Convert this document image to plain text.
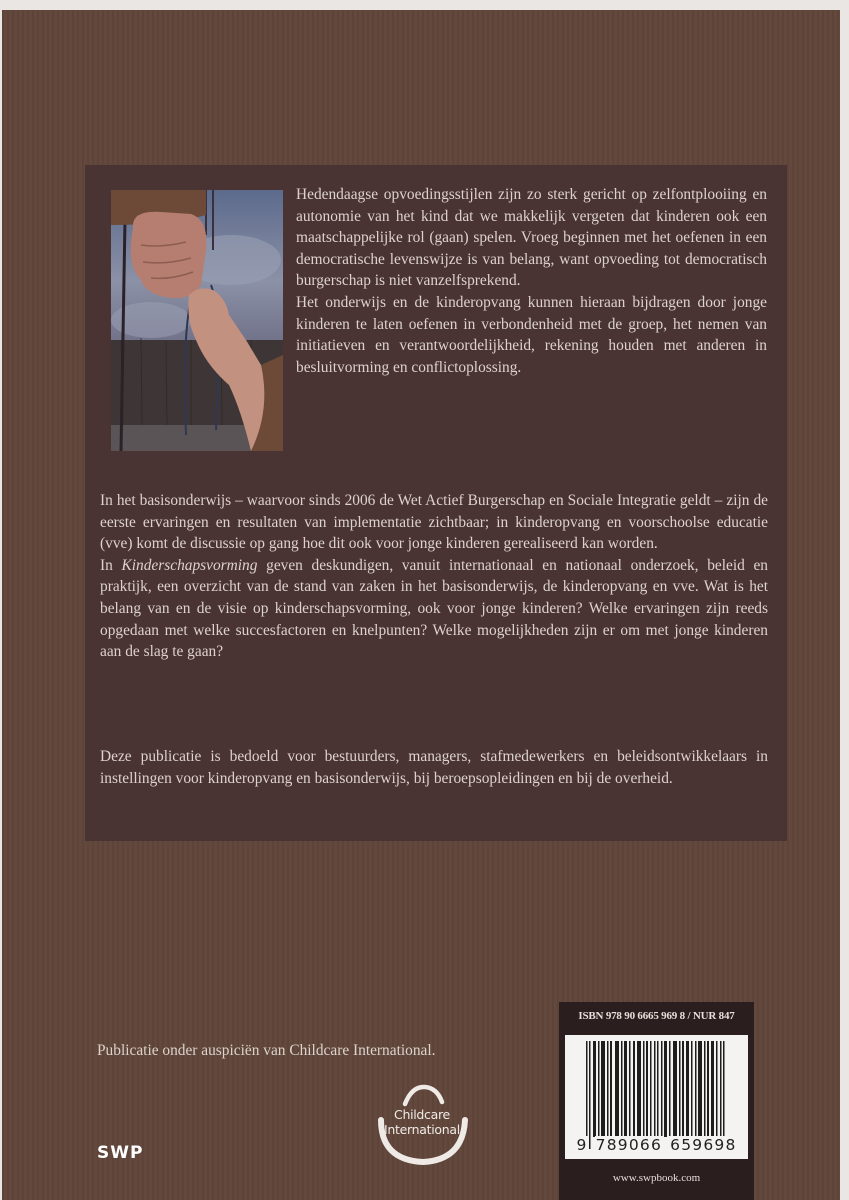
Hedendaagse opvoedingsstijlen zijn zo sterk gericht op zelfontplooiing en autonomie van het kind dat we makkelijk vergeten dat kinderen ook een maatschappelijke rol (gaan) spelen. Vroeg beginnen met het oefenen in een democratische levenswijze is van belang, want opvoeding tot democratisch burgerschap is niet vanzelfsprekend.

Het onderwijs en de kinderopvang kunnen hieraan bijdragen door jonge kinderen te laten oefenen in verbondenheid met de groep, het nemen van initiatieven en verantwoordelijkheid, rekening houden met anderen in besluitvorming en conflictoplossing.

In het basisonderwijs – waarvoor sinds 2006 de Wet Actief Burgerschap en Sociale Integratie geldt – zijn de eerste ervaringen en resultaten van implementatie zichtbaar; in kinderopvang en voorschoolse educatie (vve) komt de discussie op gang hoe dit ook voor jonge kinderen gerealiseerd kan worden.

In Kinderschapsvorming geven deskundigen, vanuit internationaal en nationaal onderzoek, beleid en praktijk, een overzicht van de stand van zaken in het basisonderwijs, de kinderopvang en vve. Wat is het belang van en de visie op kinderschapsvorming, ook voor jonge kinderen? Welke ervaringen zijn reeds opgedaan met welke succesfactoren en knelpunten? Welke mogelijkheden zijn er om met jonge kinderen aan de slag te gaan?

Deze publicatie is bedoeld voor bestuurders, managers, stafmedewerkers en beleidsontwikkelaars in instellingen voor kinderopvang en basisonderwijs, bij beroepsopleidingen en bij de overheid.

Publicatie onder auspiciën van Childcare International.
Childcare International
SWP
ISBN 978 90 6665 969 8 / NUR 847
9 789066 659698
www.swpbook.com
